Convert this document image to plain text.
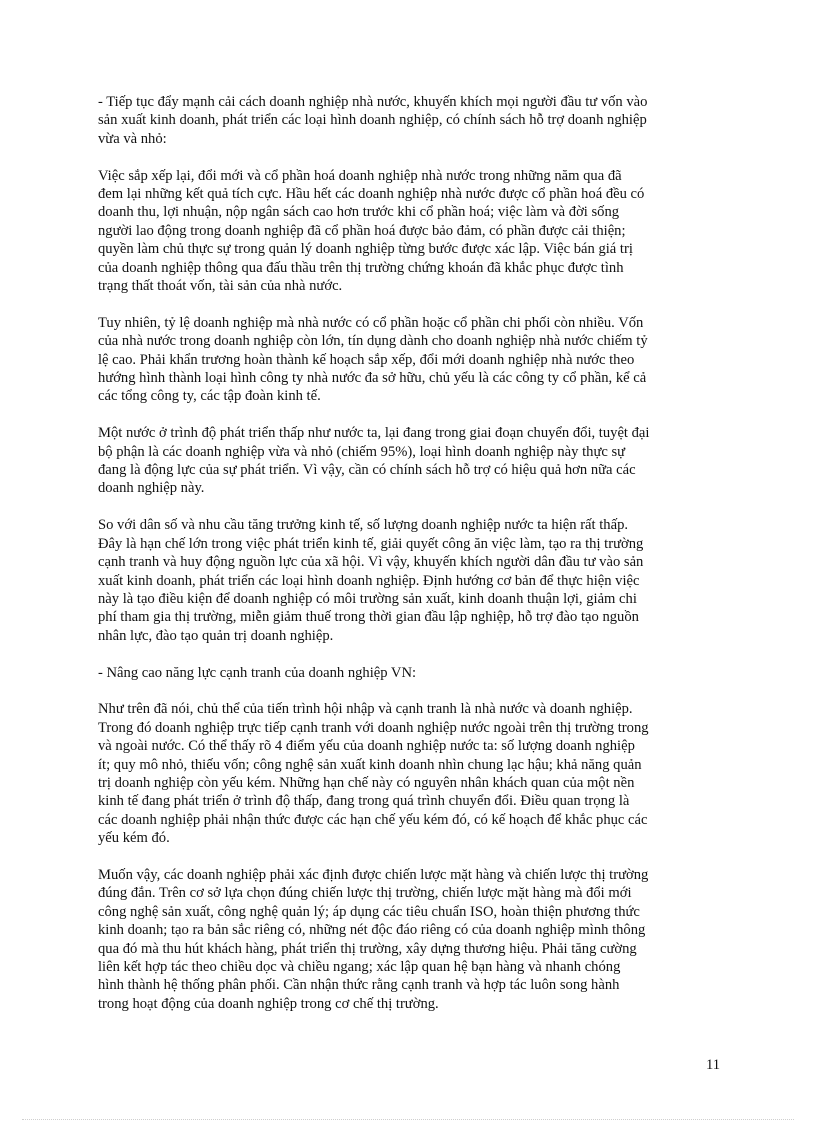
- Tiếp tục đẩy mạnh cải cách doanh nghiệp nhà nước, khuyến khích mọi người đầu tư vốn vào
sản xuất kinh doanh, phát triển các loại hình doanh nghiệp, có chính sách hỗ trợ doanh nghiệp
vừa và nhỏ:

Việc sắp xếp lại, đổi mới và cổ phần hoá doanh nghiệp nhà nước trong những năm qua đã
đem lại những kết quả tích cực. Hầu hết các doanh nghiệp nhà nước được cổ phần hoá đều có
doanh thu, lợi nhuận, nộp ngân sách cao hơn trước khi cổ phần hoá; việc làm và đời sống
người lao động trong doanh nghiệp đã cổ phần hoá được bảo đảm, có phần được cải thiện;
quyền làm chủ thực sự trong quản lý doanh nghiệp từng bước được xác lập. Việc bán giá trị
của doanh nghiệp thông qua đấu thầu trên thị trường chứng khoán đã khắc phục được tình
trạng thất thoát vốn, tài sản của nhà nước.

Tuy nhiên, tỷ lệ doanh nghiệp mà nhà nước có cổ phần hoặc cổ phần chi phối còn nhiều. Vốn
của nhà nước trong doanh nghiệp còn lớn, tín dụng dành cho doanh nghiệp nhà nước chiếm tỷ
lệ cao. Phải khẩn trương hoàn thành kế hoạch sắp xếp, đổi mới doanh nghiệp nhà nước theo
hướng hình thành loại hình công ty nhà nước đa sở hữu, chủ yếu là các công ty cổ phần, kể cả
các tổng công ty, các tập đoàn kinh tế.

Một nước ở trình độ phát triển thấp như nước ta, lại đang trong giai đoạn chuyển đổi, tuyệt đại
bộ phận là các doanh nghiệp vừa và nhỏ (chiếm 95%), loại hình doanh nghiệp này thực sự
đang là động lực của sự phát triển. Vì vậy, cần có chính sách hỗ trợ có hiệu quả hơn nữa các
doanh nghiệp này.

So với dân số và nhu cầu tăng trưởng kinh tế, số lượng doanh nghiệp nước ta hiện rất thấp.
Đây là hạn chế lớn trong việc phát triển kinh tế, giải quyết công ăn việc làm, tạo ra thị trường
cạnh tranh và huy động nguồn lực của xã hội. Vì vậy, khuyến khích người dân đầu tư vào sản
xuất kinh doanh, phát triển các loại hình doanh nghiệp. Định hướng cơ bản để thực hiện việc
này là tạo điều kiện để doanh nghiệp có môi trường sản xuất, kinh doanh thuận lợi, giảm chi
phí tham gia thị trường, miễn giảm thuế trong thời gian đầu lập nghiệp, hỗ trợ đào tạo nguồn
nhân lực, đào tạo quản trị doanh nghiệp.

- Nâng cao năng lực cạnh tranh của doanh nghiệp VN:

Như trên đã nói, chủ thể của tiến trình hội nhập và cạnh tranh là nhà nước và doanh nghiệp.
Trong đó doanh nghiệp trực tiếp cạnh tranh với doanh nghiệp nước ngoài trên thị trường trong
và ngoài nước. Có thể thấy rõ 4 điểm yếu của doanh nghiệp nước ta: số lượng doanh nghiệp
ít; quy mô nhỏ, thiếu vốn; công nghệ sản xuất kinh doanh nhìn chung lạc hậu; khả năng quản
trị doanh nghiệp còn yếu kém. Những hạn chế này có nguyên nhân khách quan của một nền
kinh tế đang phát triển ở trình độ thấp, đang trong quá trình chuyển đổi. Điều quan trọng là
các doanh nghiệp phải nhận thức được các hạn chế yếu kém đó, có kế hoạch để khắc phục các
yếu kém đó.

Muốn vậy, các doanh nghiệp phải xác định được chiến lược mặt hàng và chiến lược thị trường
đúng đắn. Trên cơ sở lựa chọn đúng chiến lược thị trường, chiến lược mặt hàng mà đổi mới
công nghệ sản xuất, công nghệ quản lý; áp dụng các tiêu chuẩn ISO, hoàn thiện phương thức
kinh doanh; tạo ra bản sắc riêng có, những nét độc đáo riêng có của doanh nghiệp mình thông
qua đó mà thu hút khách hàng, phát triển thị trường, xây dựng thương hiệu. Phải tăng cường
liên kết hợp tác theo chiều dọc và chiều ngang; xác lập quan hệ bạn hàng và nhanh chóng
hình thành hệ thống phân phối. Cần nhận thức rằng cạnh tranh và hợp tác luôn song hành
trong hoạt động của doanh nghiệp trong cơ chế thị trường.

11
